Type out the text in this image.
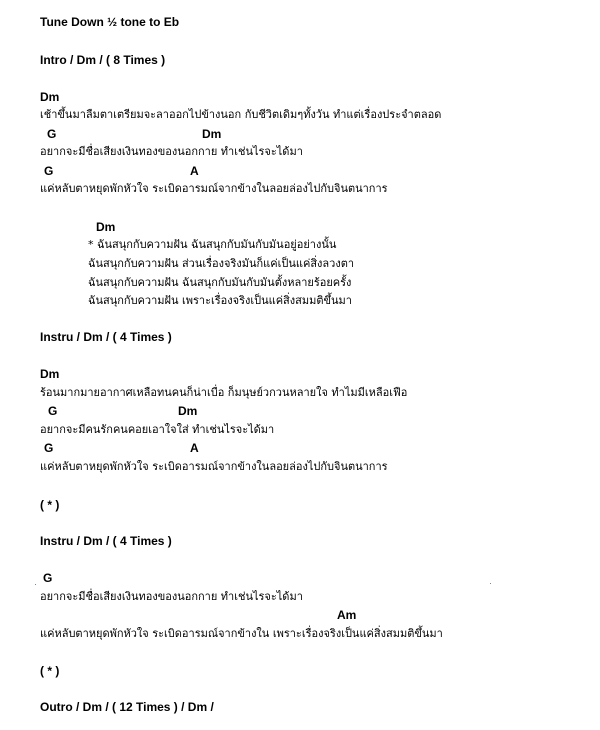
Tune Down ½ tone to Eb
Intro / Dm / ( 8 Times )
Dm
เช้าขึ้นมาลืมตาเตรียมจะลาออกไปข้างนอก กับชีวิตเดิมๆทั้งวัน ทำแต่เรื่องประจำตลอด
G	Dm
อยากจะมีชื่อเสียงเงินทองของนอกกาย ทำเช่นไรจะได้มา
G	A
แค่หลับตาหยุดพักหัวใจ ระเบิดอารมณ์จากข้างในลอยล่องไปกับจินตนาการ
Dm
* ฉันสนุกกับความฝัน ฉันสนุกกับมันกับมันอยู่อย่างนั้น
ฉันสนุกกับความฝัน ส่วนเรื่องจริงมันก็แค่เป็นแค่สิ่งลวงตา
ฉันสนุกกับความฝัน ฉันสนุกกับมันกับมันตั้งหลายร้อยครั้ง
ฉันสนุกกับความฝัน เพราะเรื่องจริงเป็นแค่สิ่งสมมติขึ้นมา
Instru / Dm / ( 4 Times )
Dm
ร้อนมากมายอากาศเหลือทนคนก็น่าเบื่อ ก็มนุษย์วกวนหลายใจ ทำไมมีเหลือเฟือ
G	Dm
อยากจะมีคนรักคนคอยเอาใจใส่ ทำเช่นไรจะได้มา
G	A
แค่หลับตาหยุดพักหัวใจ ระเบิดอารมณ์จากข้างในลอยล่องไปกับจินตนาการ
( * )
Instru / Dm / ( 4 Times )
G
อยากจะมีชื่อเสียงเงินทองของนอกกาย ทำเช่นไรจะได้มา
Am
แค่หลับตาหยุดพักหัวใจ ระเบิดอารมณ์จากข้างใน เพราะเรื่องจริงเป็นแค่สิ่งสมมติขึ้นมา
( * )
Outro / Dm / ( 12 Times ) / Dm /
